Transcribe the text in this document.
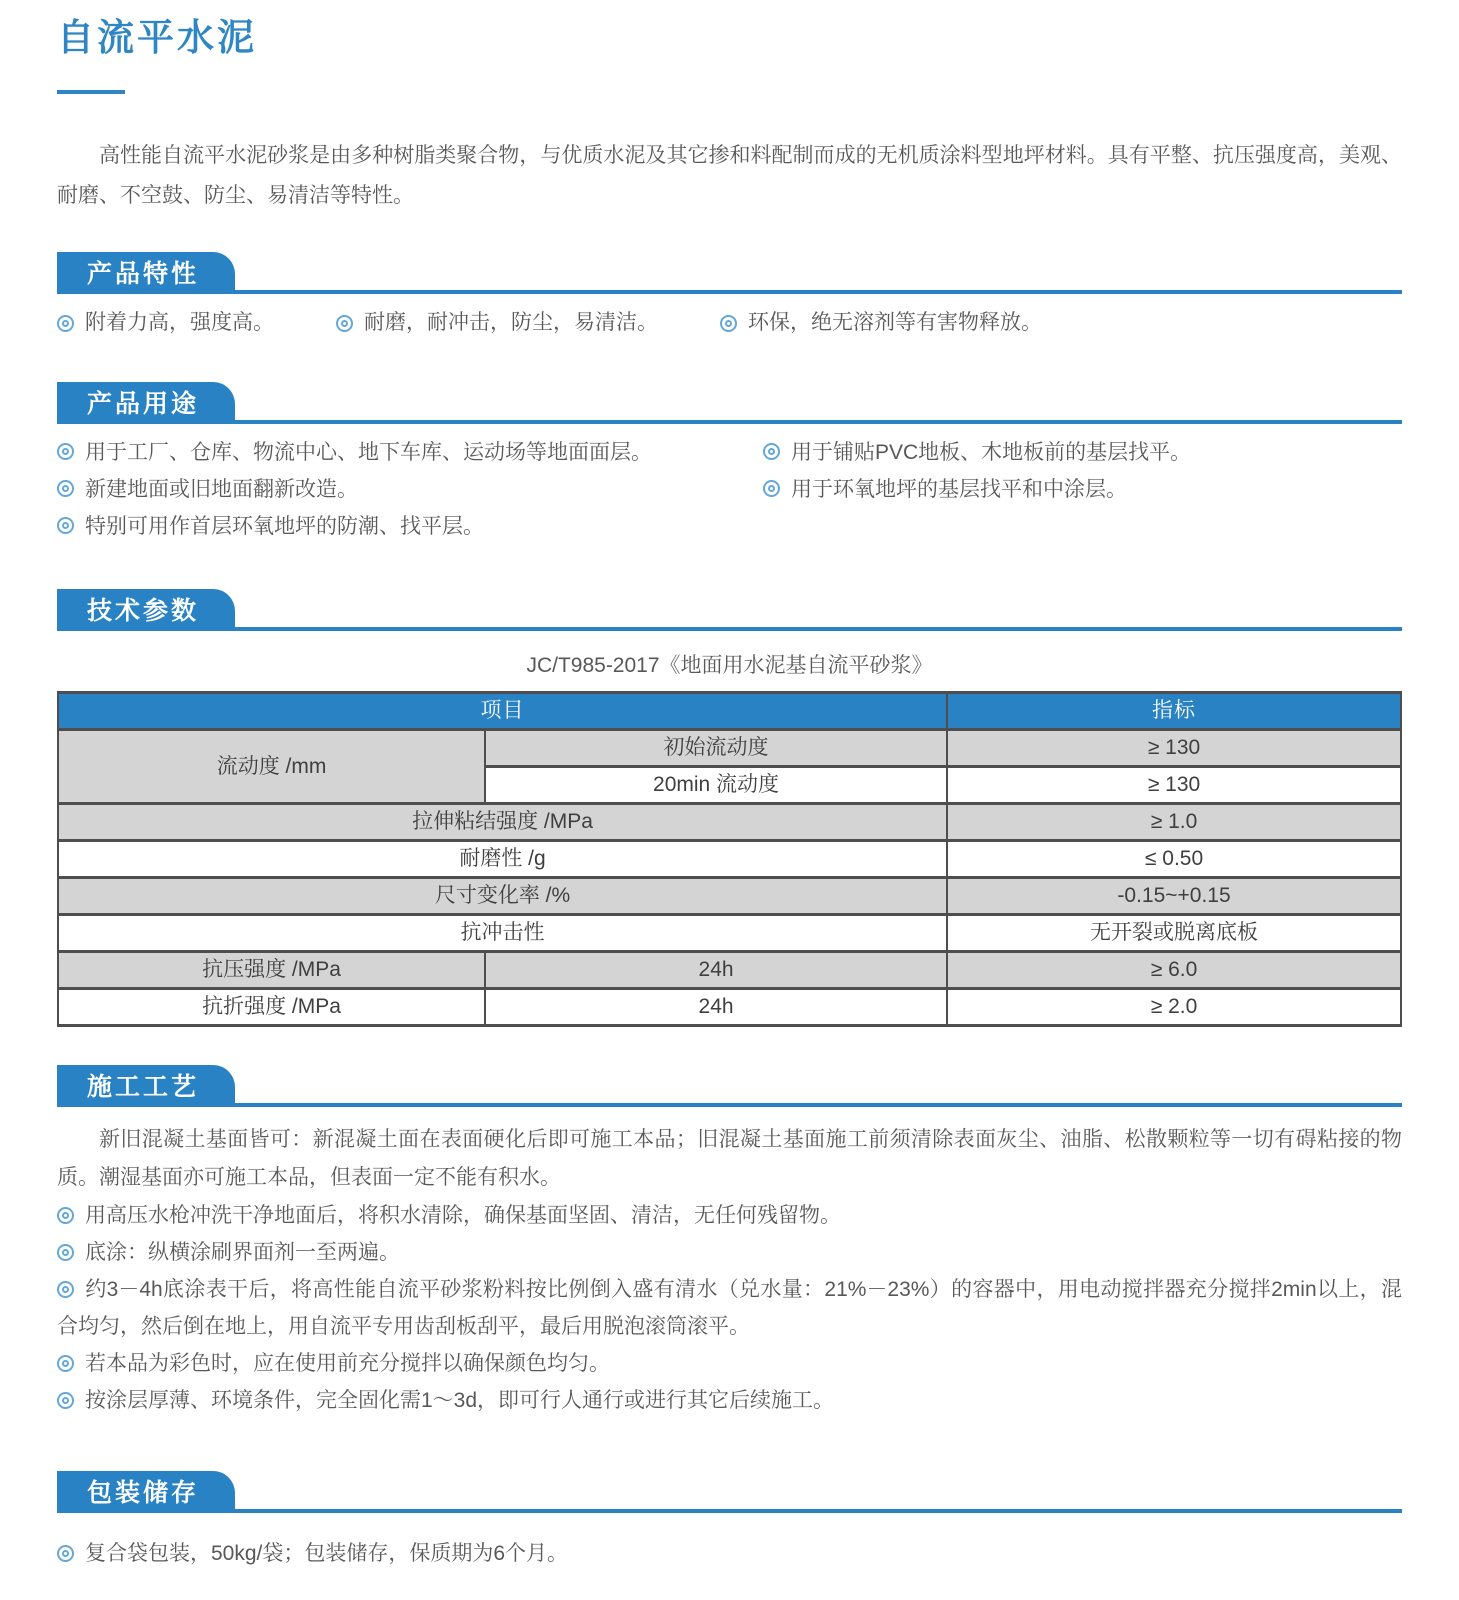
自流平水泥

高性能自流平水泥砂浆是由多种树脂类聚合物，与优质水泥及其它掺和料配制而成的无机质涂料型地坪材料。具有平整、抗压强度高，美观、耐磨、不空鼓、防尘、易清洁等特性。

产品特性
附着力高，强度高。	耐磨，耐冲击，防尘，易清洁。	环保，绝无溶剂等有害物释放。
产品用途
用于工厂、仓库、物流中心、地下车库、运动场等地面面层。
新建地面或旧地面翻新改造。
特别可用作首层环氧地坪的防潮、找平层。
用于铺贴PVC地板、木地板前的基层找平。
用于环氧地坪的基层找平和中涂层。
技术参数
JC/T985-2017《地面用水泥基自流平砂浆》
项目		指标
流动度 /mm	初始流动度	≥ 130
	20min 流动度	≥ 130
拉伸粘结强度 /MPa		≥ 1.0
耐磨性 /g		≤ 0.50
尺寸变化率 /%		-0.15~+0.15
抗冲击性		无开裂或脱离底板
抗压强度 /MPa	24h	≥ 6.0
抗折强度 /MPa	24h	≥ 2.0
施工工艺

新旧混凝土基面皆可：新混凝土面在表面硬化后即可施工本品；旧混凝土基面施工前须清除表面灰尘、油脂、松散颗粒等一切有碍粘接的物质。潮湿基面亦可施工本品，但表面一定不能有积水。

用高压水枪冲洗干净地面后，将积水清除，确保基面坚固、清洁，无任何残留物。
底涂：纵横涂刷界面剂一至两遍。
约3－4h底涂表干后，将高性能自流平砂浆粉料按比例倒入盛有清水（兑水量：21%－23%）的容器中，用电动搅拌器充分搅拌2min以上，混合均匀，然后倒在地上，用自流平专用齿刮板刮平，最后用脱泡滚筒滚平。
若本品为彩色时，应在使用前充分搅拌以确保颜色均匀。
按涂层厚薄、环境条件，完全固化需1～3d，即可行人通行或进行其它后续施工。
包装储存
复合袋包装，50kg/袋；包装储存，保质期为6个月。
